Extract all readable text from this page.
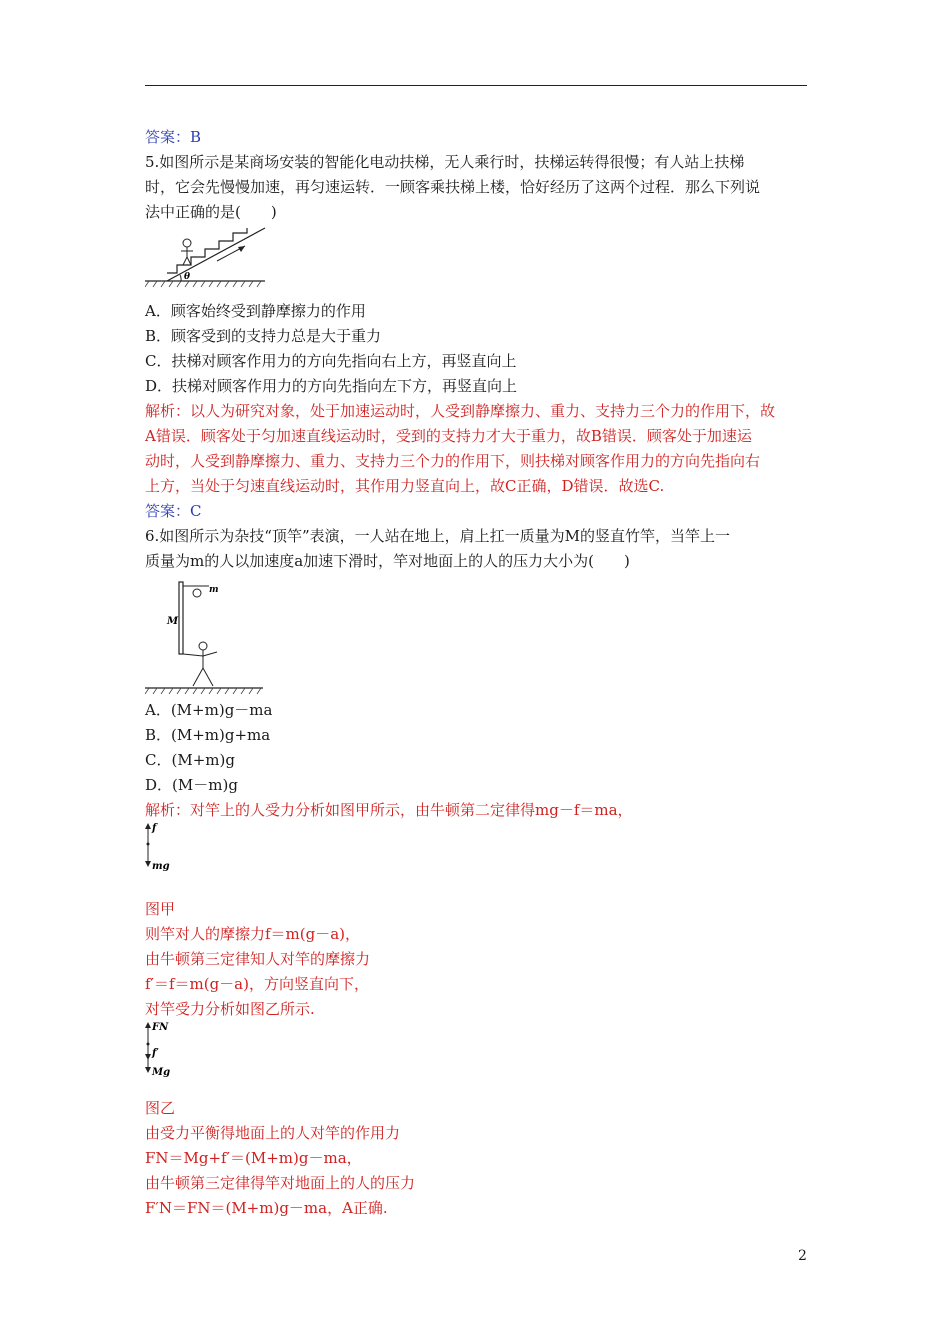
答案：B
5.如图所示是某商场安装的智能化电动扶梯，无人乘行时，扶梯运转得很慢；有人站上扶梯
时，它会先慢慢加速，再匀速运转．一顾客乘扶梯上楼，恰好经历了这两个过程．那么下列说
法中正确的是(　　)
θ
A．顾客始终受到静摩擦力的作用
B．顾客受到的支持力总是大于重力
C．扶梯对顾客作用力的方向先指向右上方，再竖直向上
D．扶梯对顾客作用力的方向先指向左下方，再竖直向上
解析：以人为研究对象，处于加速运动时，人受到静摩擦力、重力、支持力三个力的作用下，故
A错误．顾客处于匀加速直线运动时，受到的支持力才大于重力，故B错误．顾客处于加速运
动时，人受到静摩擦力、重力、支持力三个力的作用下，则扶梯对顾客作用力的方向先指向右
上方，当处于匀速直线运动时，其作用力竖直向上，故C正确，D错误．故选C.
答案：C
6.如图所示为杂技“顶竿”表演，一人站在地上，肩上扛一质量为M的竖直竹竿，当竿上一
质量为m的人以加速度a加速下滑时，竿对地面上的人的压力大小为(　　)
m
M
A．(M+m)g－ma
B．(M+m)g+ma
C．(M+m)g
D．(M－m)g
解析：对竿上的人受力分析如图甲所示，由牛顿第二定律得mg－f＝ma，
f
mg
图甲
则竿对人的摩擦力f＝m(g－a)，
由牛顿第三定律知人对竿的摩擦力
f′＝f＝m(g－a)，方向竖直向下，
对竿受力分析如图乙所示.
FN
f′
Mg
图乙
由受力平衡得地面上的人对竿的作用力
FN＝Mg+f′＝(M+m)g－ma，
由牛顿第三定律得竿对地面上的人的压力
F′N＝FN＝(M+m)g－ma，A正确.
2
